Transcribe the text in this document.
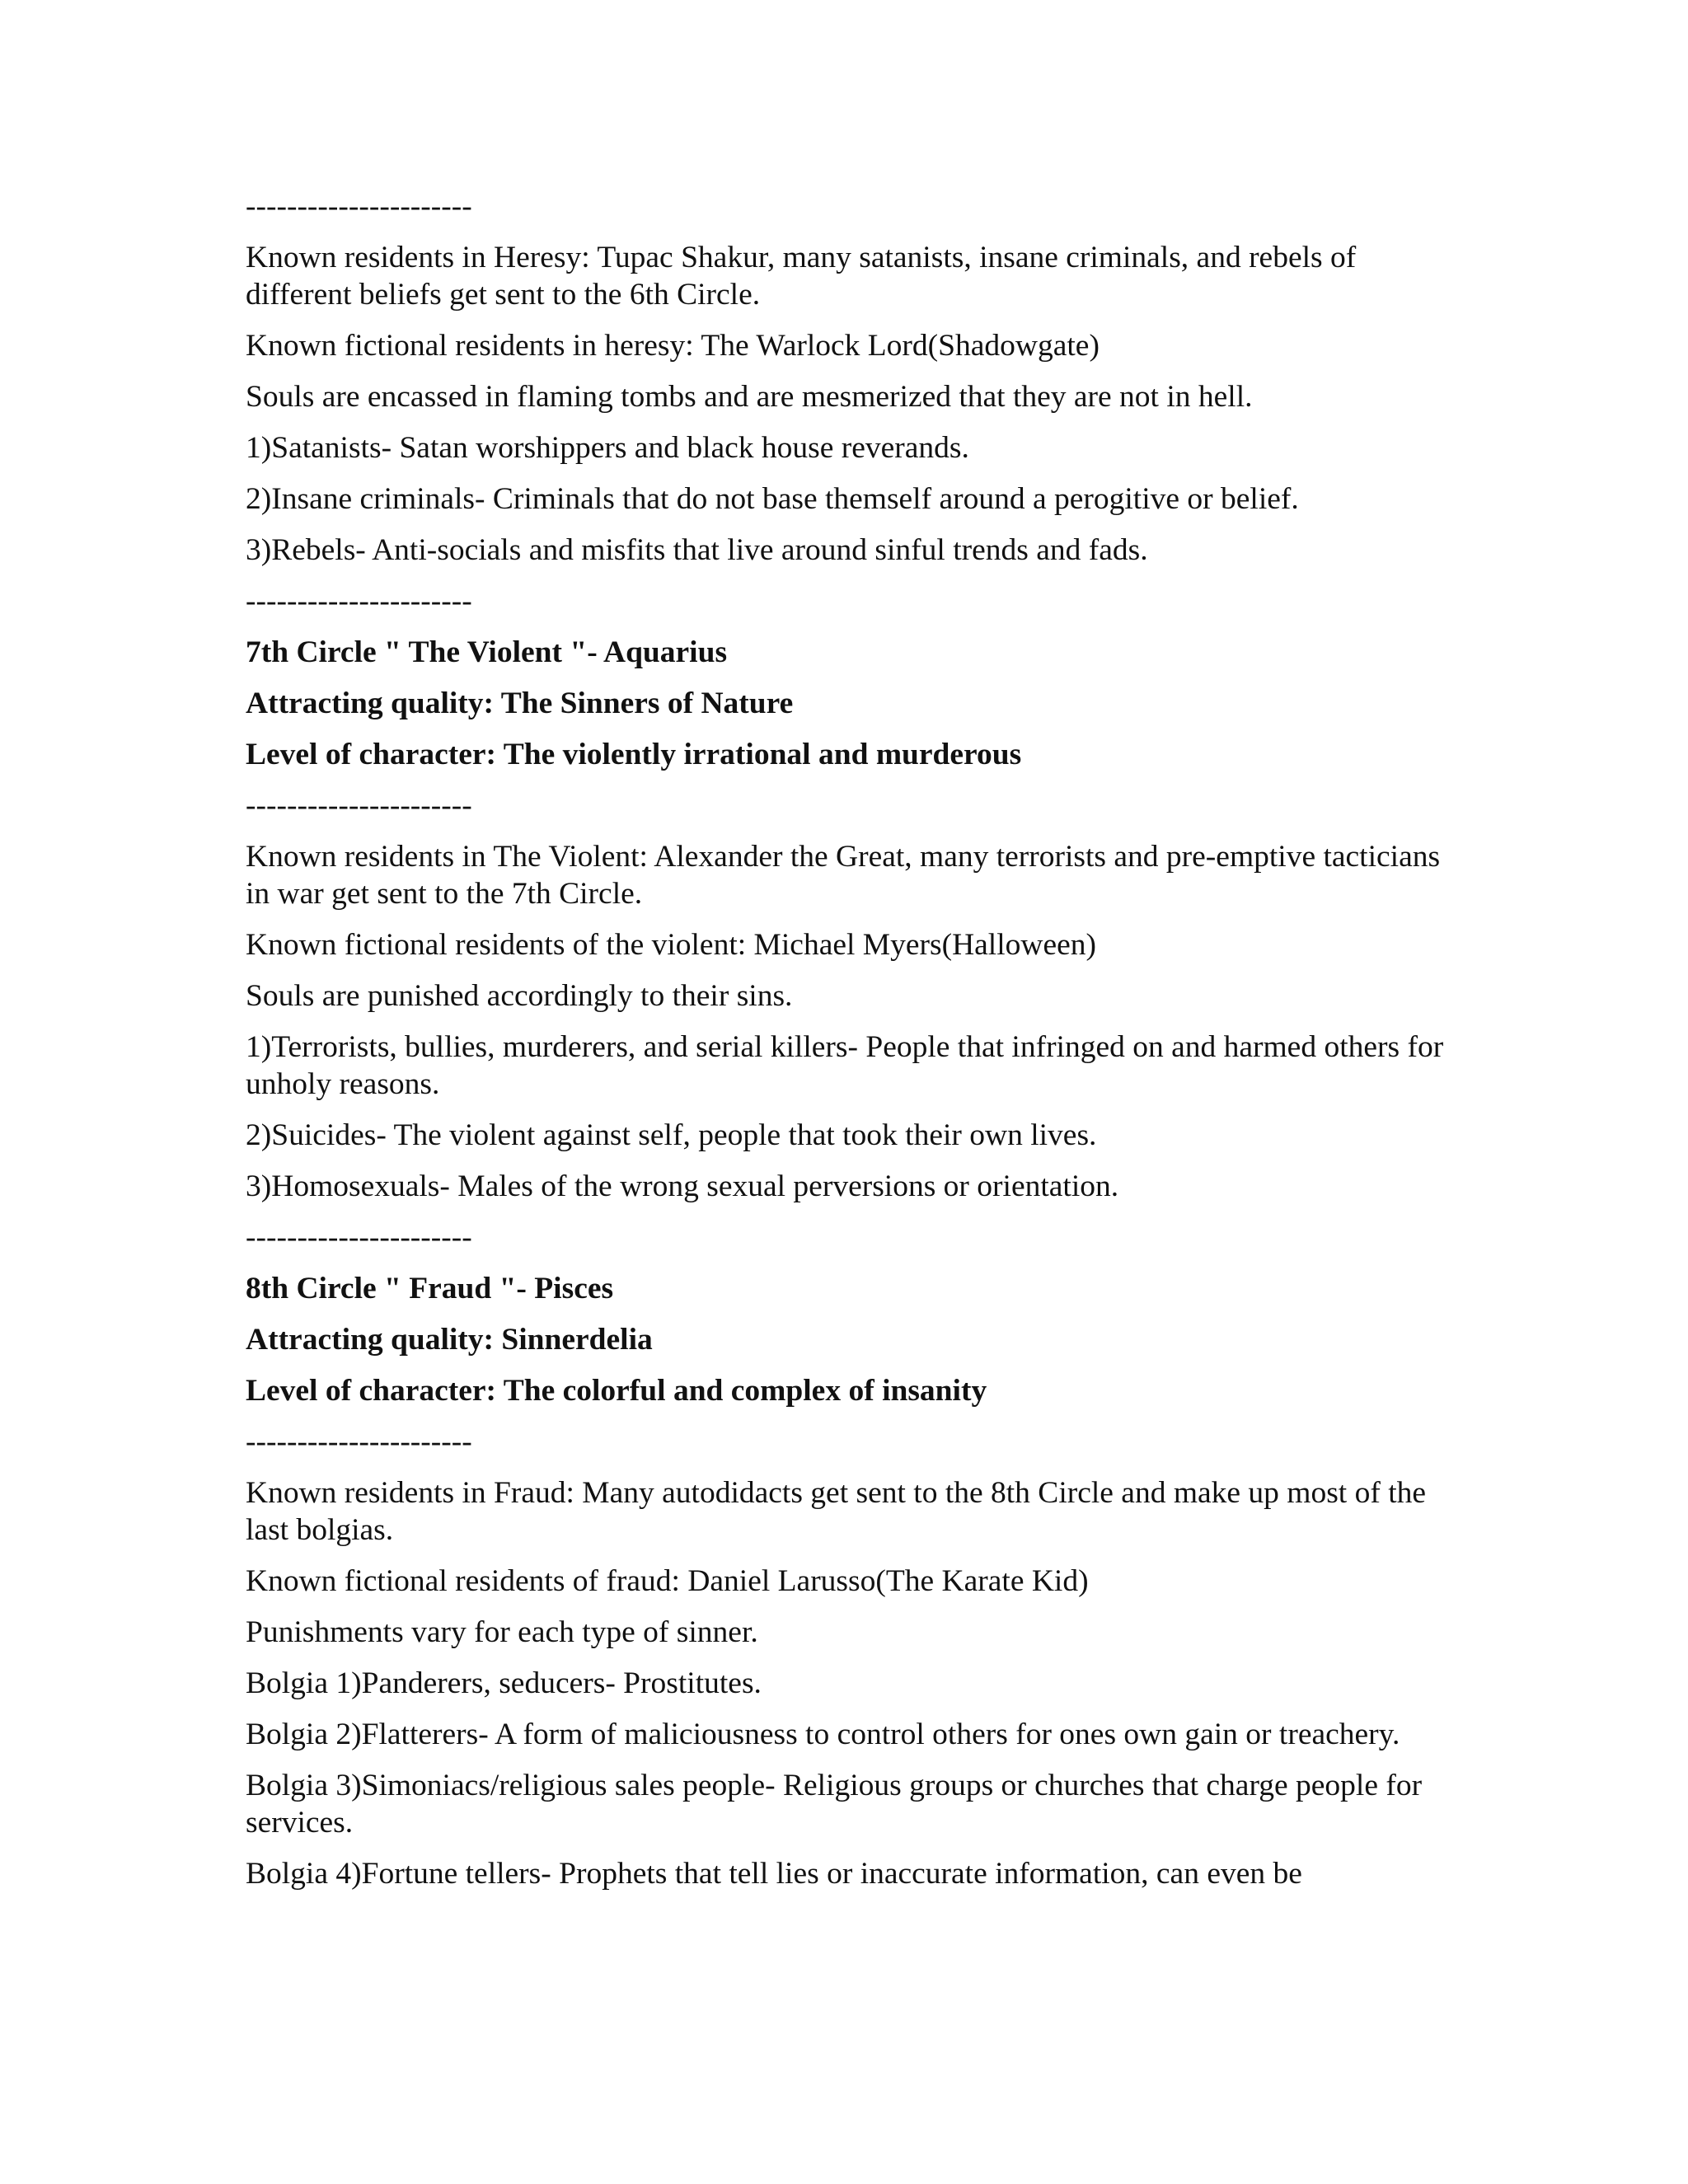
----------------------

Known residents in Heresy: Tupac Shakur, many satanists, insane criminals, and rebels of different beliefs get sent to the 6th Circle.

Known fictional residents in heresy: The Warlock Lord(Shadowgate)

Souls are encassed in flaming tombs and are mesmerized that they are not in hell.

1)Satanists- Satan worshippers and black house reverands.

2)Insane criminals- Criminals that do not base themself around a perogitive or belief.

3)Rebels- Anti-socials and misfits that live around sinful trends and fads.

----------------------

7th Circle " The Violent "- Aquarius

Attracting quality: The Sinners of Nature

Level of character: The violently irrational and murderous

----------------------

Known residents in The Violent: Alexander the Great, many terrorists and pre-emptive tacticians in war get sent to the 7th Circle.

Known fictional residents of the violent: Michael Myers(Halloween)

Souls are punished accordingly to their sins.

1)Terrorists, bullies, murderers, and serial killers- People that infringed on and harmed others for unholy reasons.

2)Suicides- The violent against self, people that took their own lives.

3)Homosexuals- Males of the wrong sexual perversions or orientation.

----------------------

8th Circle " Fraud "- Pisces

Attracting quality: Sinnerdelia

Level of character: The colorful and complex of insanity

----------------------

Known residents in Fraud: Many autodidacts get sent to the 8th Circle and make up most of the last bolgias.

Known fictional residents of fraud: Daniel Larusso(The Karate Kid)

Punishments vary for each type of sinner.

Bolgia 1)Panderers, seducers- Prostitutes.

Bolgia 2)Flatterers- A form of maliciousness to control others for ones own gain or treachery.

Bolgia 3)Simoniacs/religious sales people- Religious groups or churches that charge people for services.

Bolgia 4)Fortune tellers- Prophets that tell lies or inaccurate information, can even be
